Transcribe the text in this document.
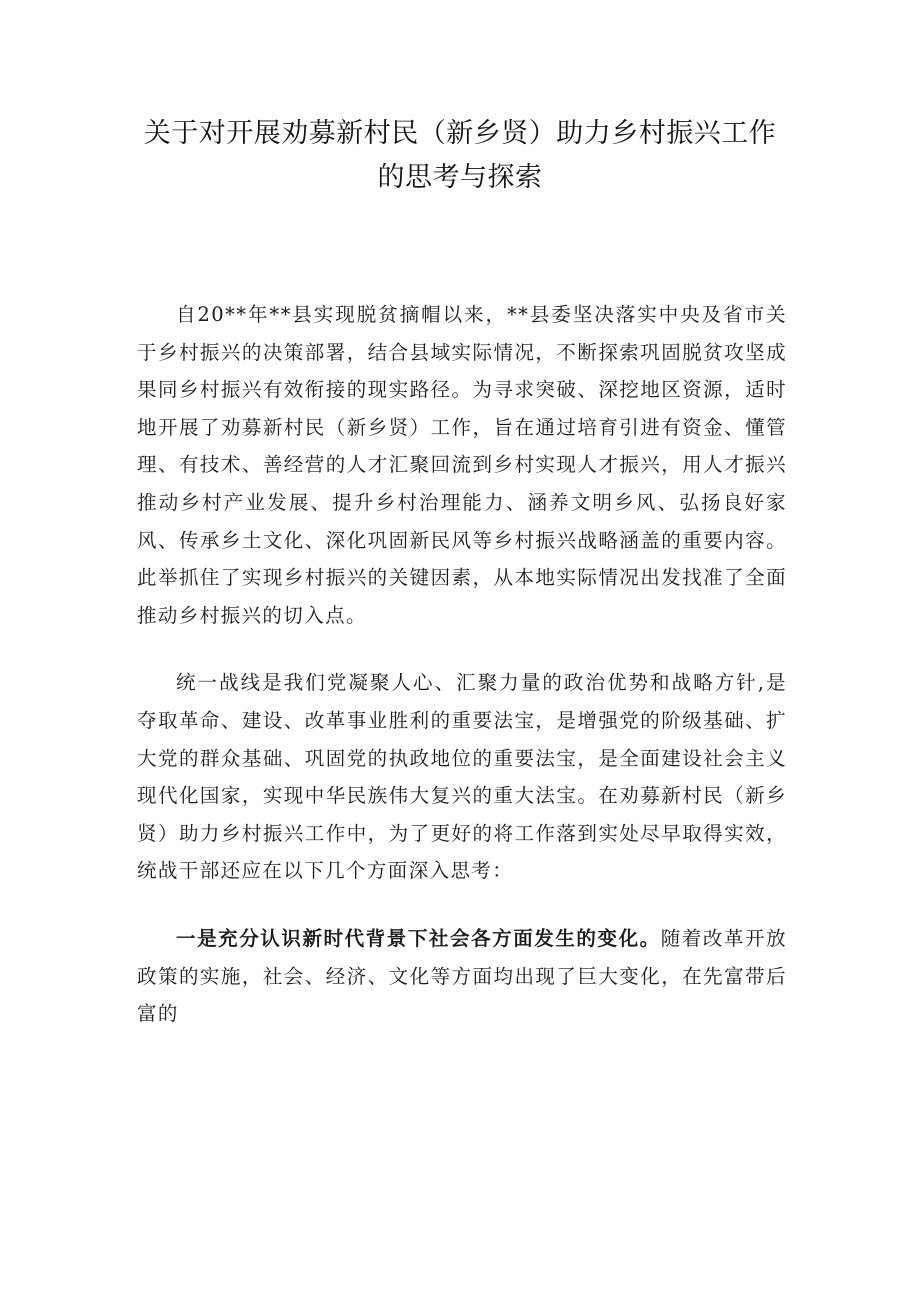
关于对开展劝募新村民（新乡贤）助力乡村振兴工作
的思考与探索

自20**年**县实现脱贫摘帽以来，**县委坚决落实中央及省市关于乡村振兴的决策部署，结合县域实际情况，不断探索巩固脱贫攻坚成果同乡村振兴有效衔接的现实路径。为寻求突破、深挖地区资源，适时地开展了劝募新村民（新乡贤）工作，旨在通过培育引进有资金、懂管理、有技术、善经营的人才汇聚回流到乡村实现人才振兴，用人才振兴推动乡村产业发展、提升乡村治理能力、涵养文明乡风、弘扬良好家风、传承乡土文化、深化巩固新民风等乡村振兴战略涵盖的重要内容。此举抓住了实现乡村振兴的关键因素，从本地实际情况出发找准了全面推动乡村振兴的切入点。

统一战线是我们党凝聚人心、汇聚力量的政治优势和战略方针,是夺取革命、建设、改革事业胜利的重要法宝，是增强党的阶级基础、扩大党的群众基础、巩固党的执政地位的重要法宝，是全面建设社会主义现代化国家，实现中华民族伟大复兴的重大法宝。在劝募新村民（新乡贤）助力乡村振兴工作中，为了更好的将工作落到实处尽早取得实效，统战干部还应在以下几个方面深入思考：

一是充分认识新时代背景下社会各方面发生的变化。随着改革开放政策的实施，社会、经济、文化等方面均出现了巨大变化，在先富带后富的
